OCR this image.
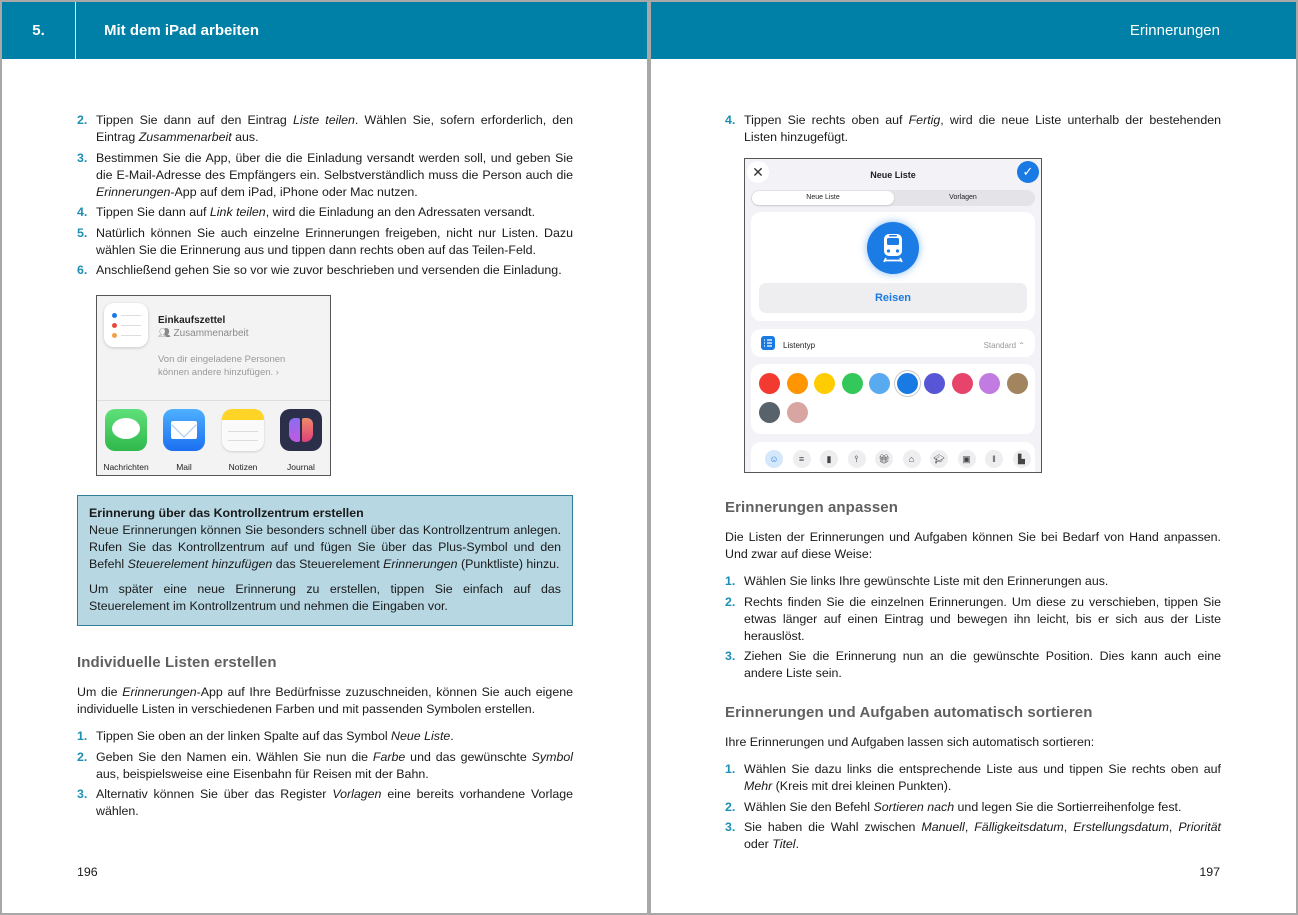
5.	Mit dem iPad arbeiten
2. Tippen Sie dann auf den Eintrag Liste teilen. Wählen Sie, sofern erforderlich, den Eintrag Zusammenarbeit aus.
3. Bestimmen Sie die App, über die die Einladung versandt werden soll, und geben Sie die E-Mail-Adresse des Empfängers ein. Selbstverständlich muss die Person auch die Erinnerungen-App auf dem iPad, iPhone oder Mac nutzen.
4. Tippen Sie dann auf Link teilen, wird die Einladung an den Adressaten versandt.
5. Natürlich können Sie auch einzelne Erinnerungen freigeben, nicht nur Listen. Dazu wählen Sie die Erinnerung aus und tippen dann rechts oben auf das Teilen-Feld.
6. Anschließend gehen Sie so vor wie zuvor beschrieben und versenden die Einladung.
Einkaufszettel
👥︎ Zusammenarbeit
Von dir eingeladene Personen
können andere hinzufügen. ›
Nachrichten	Mail	Notizen	Journal
Erinnerung über das Kontrollzentrum erstellen

Neue Erinnerungen können Sie besonders schnell über das Kontrollzentrum anlegen. Rufen Sie das Kontrollzentrum auf und fügen Sie über das Plus-Symbol und den Befehl Steuerelement hinzufügen das Steuerelement Erinnerungen (Punktliste) hinzu.

Um später eine neue Erinnerung zu erstellen, tippen Sie einfach auf das Steuerelement im Kontrollzentrum und nehmen die Eingaben vor.

Individuelle Listen erstellen

Um die Erinnerungen-App auf Ihre Bedürfnisse zuzuschneiden, können Sie auch eigene individuelle Listen in verschiedenen Farben und mit passenden Symbolen erstellen.

1. Tippen Sie oben an der linken Spalte auf das Symbol Neue Liste.
2. Geben Sie den Namen ein. Wählen Sie nun die Farbe und das gewünschte Symbol aus, beispielsweise eine Eisenbahn für Reisen mit der Bahn.
3. Alternativ können Sie über das Register Vorlagen eine bereits vorhandene Vorlage wählen.
196
Erinnerungen
4. Tippen Sie rechts oben auf Fertig, wird die neue Liste unterhalb der bestehenden Listen hinzugefügt.
✕	Neue Liste	✓
Neue Liste	Vorlagen
Reisen
Listentyp	Standard ⌃
☺	≡	▮	⫯	🎁︎	⌂	🎓︎	▣	‖	▙
Erinnerungen anpassen

Die Listen der Erinnerungen und Aufgaben können Sie bei Bedarf von Hand anpassen. Und zwar auf diese Weise:

1. Wählen Sie links Ihre gewünschte Liste mit den Erinnerungen aus.
2. Rechts finden Sie die einzelnen Erinnerungen. Um diese zu verschieben, tippen Sie etwas länger auf einen Eintrag und bewegen ihn leicht, bis er sich aus der Liste herauslöst.
3. Ziehen Sie die Erinnerung nun an die gewünschte Position. Dies kann auch eine andere Liste sein.
Erinnerungen und Aufgaben automatisch sortieren

Ihre Erinnerungen und Aufgaben lassen sich automatisch sortieren:

1. Wählen Sie dazu links die entsprechende Liste aus und tippen Sie rechts oben auf Mehr (Kreis mit drei kleinen Punkten).
2. Wählen Sie den Befehl Sortieren nach und legen Sie die Sortierreihenfolge fest.
3. Sie haben die Wahl zwischen Manuell, Fälligkeitsdatum, Erstellungsdatum, Priorität oder Titel.
197
